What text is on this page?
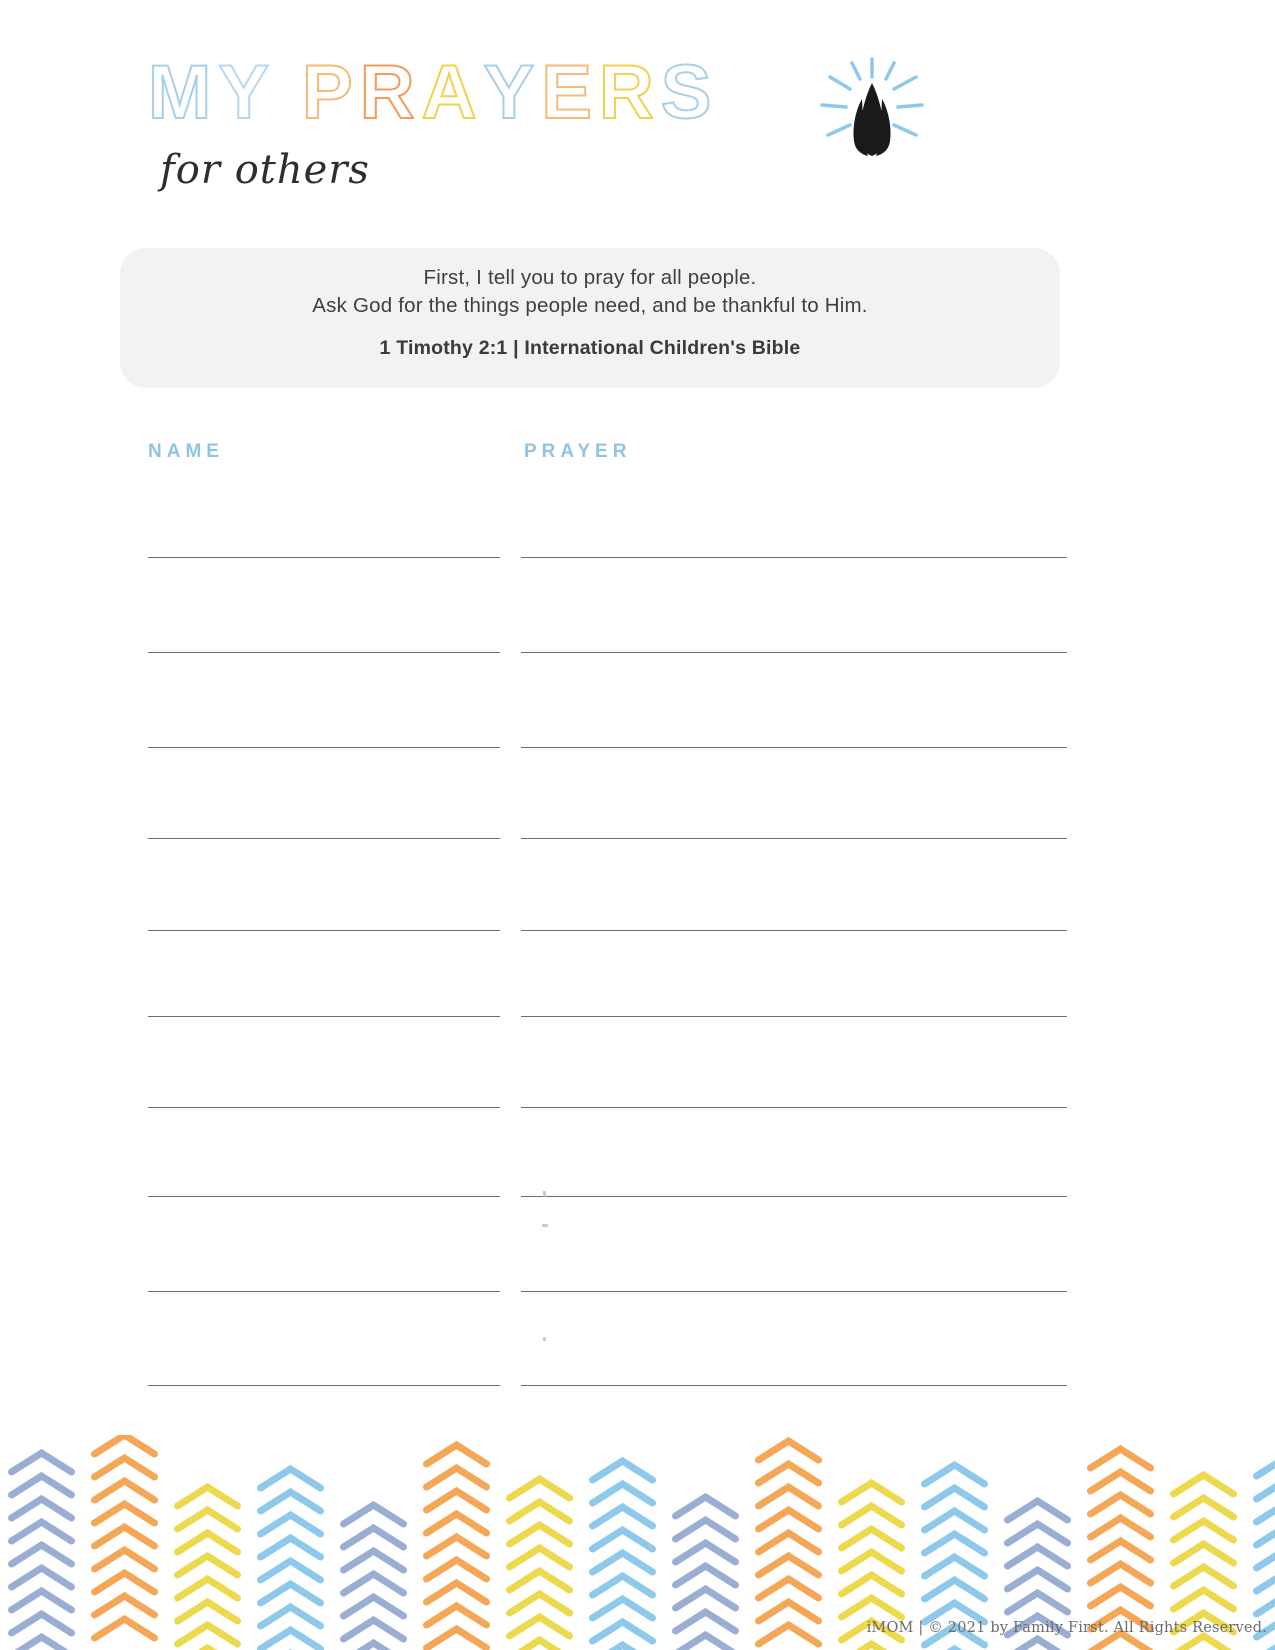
M Y P R A Y E R S
for others
First, I tell you to pray for all people.
Ask God for the things people need, and be thankful to Him.
1 Timothy 2:1 | International Children's Bible
NAME	PRAYER
iMOM | © 2021 by Family First. All Rights Reserved.
